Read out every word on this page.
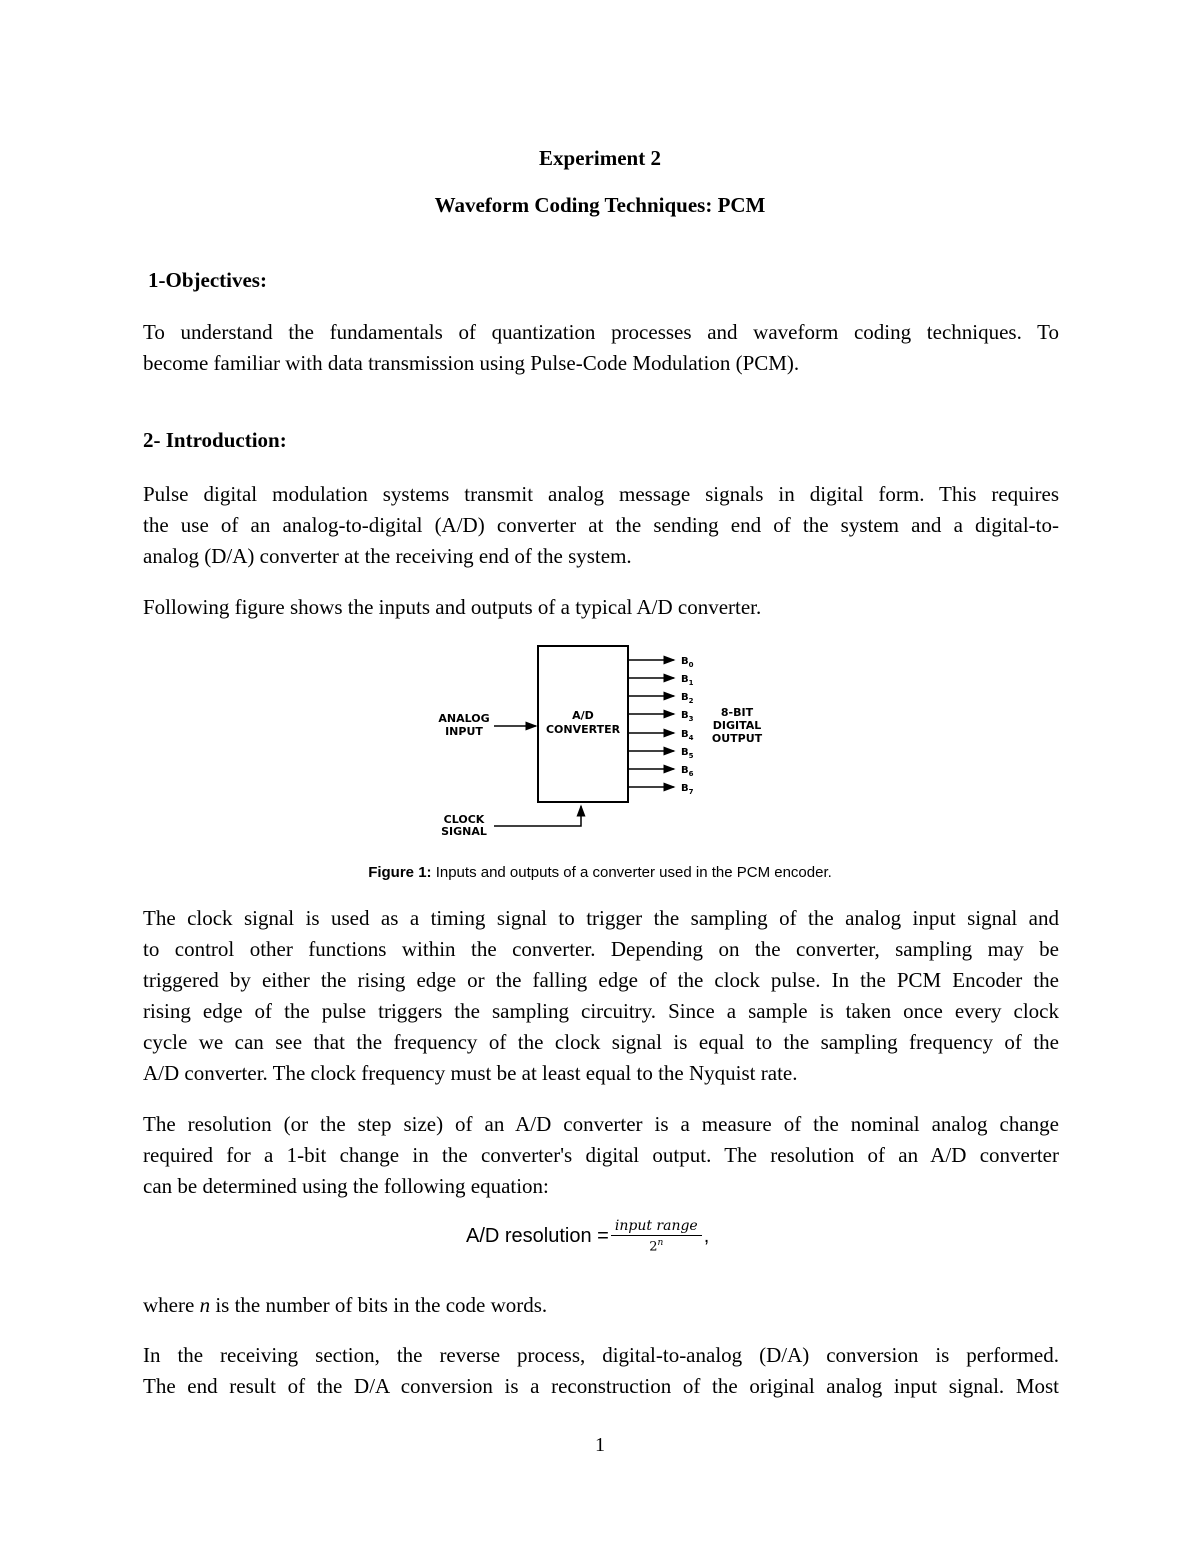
Experiment 2
Waveform Coding Techniques: PCM
1-Objectives:

To understand the fundamentals of quantization processes and waveform coding techniques. To
become familiar with data transmission using Pulse-Code Modulation (PCM).

2- Introduction:

Pulse digital modulation systems transmit analog message signals in digital form. This requires
the use of an analog-to-digital (A/D) converter at the sending end of the system and a digital-to-
analog (D/A) converter at the receiving end of the system.

Following figure shows the inputs and outputs of a typical A/D converter.

A/D
CONVERTER
ANALOG
INPUT
CLOCK
SIGNAL
$B_0$
$B_1$
$B_2$
$B_3$
$B_4$
$B_5$
$B_6$
$B_7$
8-BIT
DIGITAL
OUTPUT
Figure 1: Inputs and outputs of a converter used in the PCM encoder.

The clock signal is used as a timing signal to trigger the sampling of the analog input signal and
to control other functions within the converter. Depending on the converter, sampling may be
triggered by either the rising edge or the falling edge of the clock pulse. In the PCM Encoder the
rising edge of the pulse triggers the sampling circuitry. Since a sample is taken once every clock
cycle we can see that the frequency of the clock signal is equal to the sampling frequency of the
A/D converter. The clock frequency must be at least equal to the Nyquist rate.

The resolution (or the step size) of an A/D converter is a measure of the nominal analog change
required for a 1-bit change in the converter's digital output. The resolution of an A/D converter
can be determined using the following equation:

A/D resolution = $\frac{\text{input range}}{2^n}$ ,

where n is the number of bits in the code words.

In the receiving section, the reverse process, digital-to-analog (D/A) conversion is performed.
The end result of the D/A conversion is a reconstruction of the original analog input signal. Most

1
